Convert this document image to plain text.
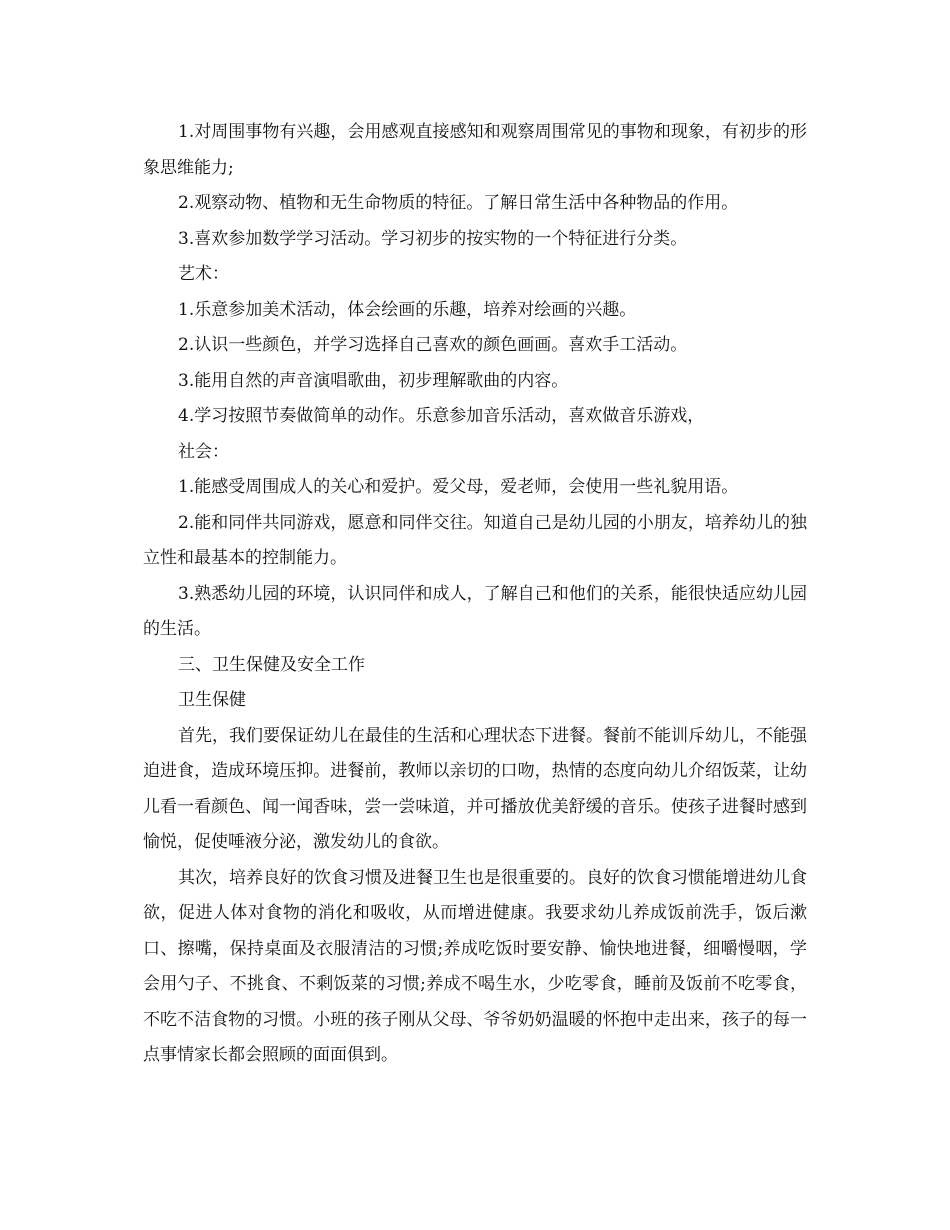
1.对周围事物有兴趣，会用感观直接感知和观察周围常见的事物和现象，有初步的形象思维能力;

2.观察动物、植物和无生命物质的特征。了解日常生活中各种物品的作用。

3.喜欢参加数学学习活动。学习初步的按实物的一个特征进行分类。

艺术：

1.乐意参加美术活动，体会绘画的乐趣，培养对绘画的兴趣。

2.认识一些颜色，并学习选择自己喜欢的颜色画画。喜欢手工活动。

3.能用自然的声音演唱歌曲，初步理解歌曲的内容。

4.学习按照节奏做简单的动作。乐意参加音乐活动，喜欢做音乐游戏，

社会：

1.能感受周围成人的关心和爱护。爱父母，爱老师，会使用一些礼貌用语。

2.能和同伴共同游戏，愿意和同伴交往。知道自己是幼儿园的小朋友，培养幼儿的独立性和最基本的控制能力。

3.熟悉幼儿园的环境，认识同伴和成人，了解自己和他们的关系，能很快适应幼儿园的生活。

三、卫生保健及安全工作

卫生保健

首先，我们要保证幼儿在最佳的生活和心理状态下进餐。餐前不能训斥幼儿，不能强迫进食，造成环境压抑。进餐前，教师以亲切的口吻，热情的态度向幼儿介绍饭菜，让幼儿看一看颜色、闻一闻香味，尝一尝味道，并可播放优美舒缓的音乐。使孩子进餐时感到愉悦，促使唾液分泌，激发幼儿的食欲。

其次，培养良好的饮食习惯及进餐卫生也是很重要的。良好的饮食习惯能增进幼儿食欲，促进人体对食物的消化和吸收，从而增进健康。我要求幼儿养成饭前洗手，饭后漱口、擦嘴，保持桌面及衣服清洁的习惯;养成吃饭时要安静、愉快地进餐，细嚼慢咽，学会用勺子、不挑食、不剩饭菜的习惯;养成不喝生水，少吃零食，睡前及饭前不吃零食，不吃不洁食物的习惯。小班的孩子刚从父母、爷爷奶奶温暖的怀抱中走出来，孩子的每一点事情家长都会照顾的面面俱到。
